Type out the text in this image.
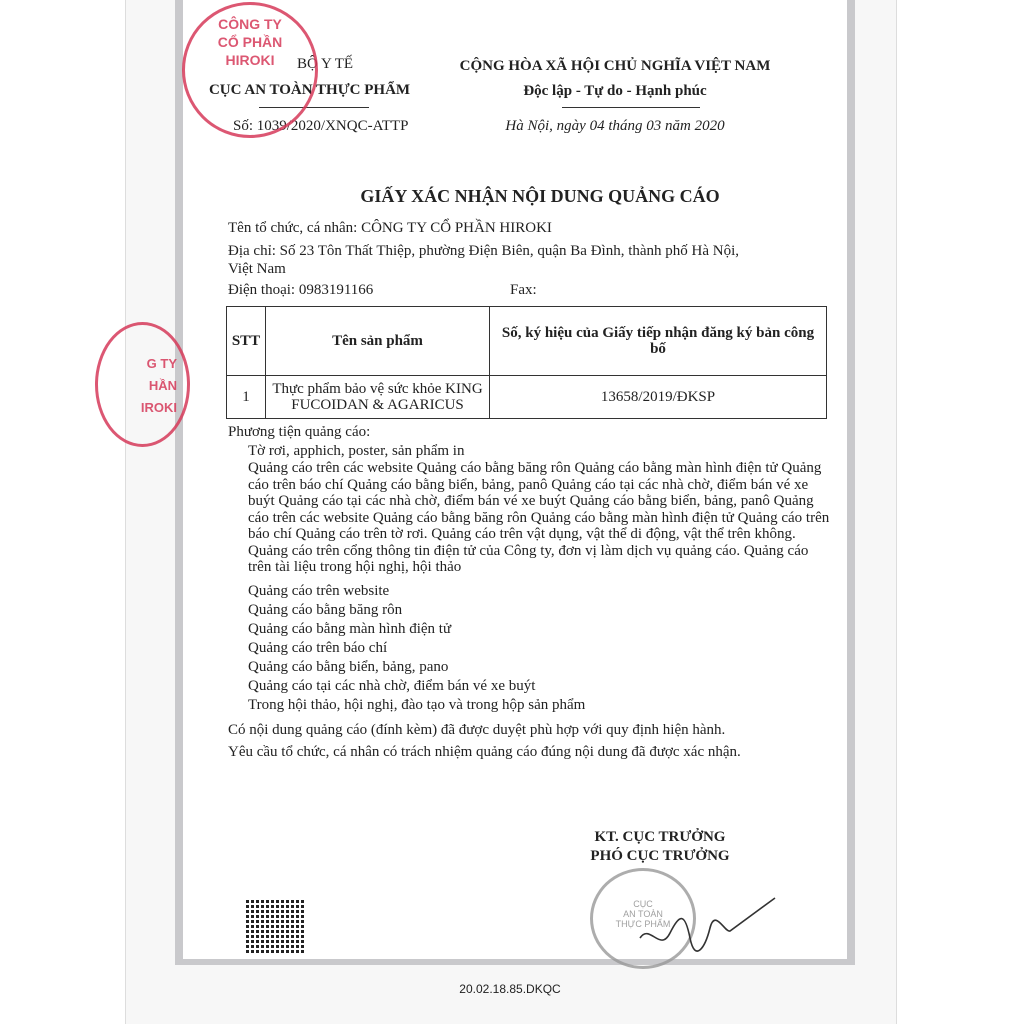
BỘ Y TẾ
CỤC AN TOÀN THỰC PHẨM
Số: 1039/2020/XNQC-ATTP
CỘNG HÒA XÃ HỘI CHỦ NGHĨA VIỆT NAM
Độc lập - Tự do - Hạnh phúc
Hà Nội, ngày 04 tháng 03 năm 2020
GIẤY XÁC NHẬN NỘI DUNG QUẢNG CÁO
Tên tổ chức, cá nhân: CÔNG TY CỔ PHẦN HIROKI
Địa chỉ: Số 23 Tôn Thất Thiệp, phường Điện Biên, quận Ba Đình, thành phố Hà Nội,
Việt Nam
Điện thoại: 0983191166	Fax:
STT	Tên sản phẩm	Số, ký hiệu của Giấy tiếp nhận đăng ký bản công bố
1	Thực phẩm bảo vệ sức khỏe KING FUCOIDAN & AGARICUS	13658/2019/ĐKSP
Phương tiện quảng cáo:
Tờ rơi, apphich, poster, sản phẩm in
Quảng cáo trên các website Quảng cáo bằng băng rôn Quảng cáo bằng màn hình điện tử Quảng cáo trên báo chí Quảng cáo bằng biển, bảng, panô Quảng cáo tại các nhà chờ, điểm bán vé xe buýt Quảng cáo tại các nhà chờ, điểm bán vé xe buýt Quảng cáo bằng biển, bảng, panô Quảng cáo trên các website Quảng cáo bằng băng rôn Quảng cáo bằng màn hình điện tử Quảng cáo trên báo chí Quảng cáo trên tờ rơi. Quảng cáo trên vật dụng, vật thể di động, vật thể trên không. Quảng cáo trên cổng thông tin điện tử của Công ty, đơn vị làm dịch vụ quảng cáo. Quảng cáo trên tài liệu trong hội nghị, hội thảo
Quảng cáo trên website
Quảng cáo bằng băng rôn
Quảng cáo bằng màn hình điện tử
Quảng cáo trên báo chí
Quảng cáo bằng biển, bảng, pano
Quảng cáo tại các nhà chờ, điểm bán vé xe buýt
Trong hội thảo, hội nghị, đào tạo và trong hộp sản phẩm
Có nội dung quảng cáo (đính kèm) đã được duyệt phù hợp với quy định hiện hành.
Yêu cầu tổ chức, cá nhân có trách nhiệm quảng cáo đúng nội dung đã được xác nhận.
KT. CỤC TRƯỞNG
PHÓ CỤC TRƯỞNG
CÔNG TY
CỔ PHẦN
HIROKI
G TY
HẦN
IROKI
CỤC
AN TOÀN
THỰC PHẨM
20.02.18.85.DKQC
